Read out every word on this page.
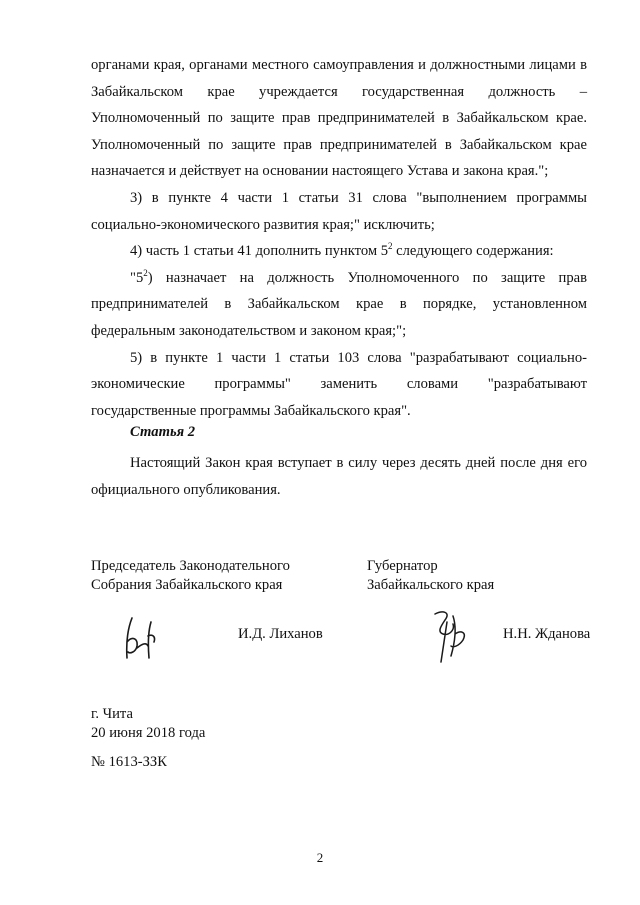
органами края, органами местного самоуправления и должностными лицами в Забайкальском крае учреждается государственная должность – Уполномоченный по защите прав предпринимателей в Забайкальском крае. Уполномоченный по защите прав предпринимателей в Забайкальском крае назначается и действует на основании настоящего Устава и закона края.";

3) в пункте 4 части 1 статьи 31 слова "выполнением программы социально-экономического развития края;" исключить;

4) часть 1 статьи 41 дополнить пунктом $5^2$ следующего содержания:

"$5^2$) назначает на должность Уполномоченного по защите прав предпринимателей в Забайкальском крае в порядке, установленном федеральным законодательством и законом края;";

5) в пункте 1 части 1 статьи 103 слова "разрабатывают социально-экономические программы" заменить словами "разрабатывают государственные программы Забайкальского края".

Статья 2

Настоящий Закон края вступает в силу через десять дней после дня его официального опубликования.

Председатель Законодательного
Собрания Забайкальского края
Губернатор
Забайкальского края
И.Д. Лиханов	Н.Н. Жданова
г. Чита
20 июня 2018 года
№ 1613-ЗЗК
2
